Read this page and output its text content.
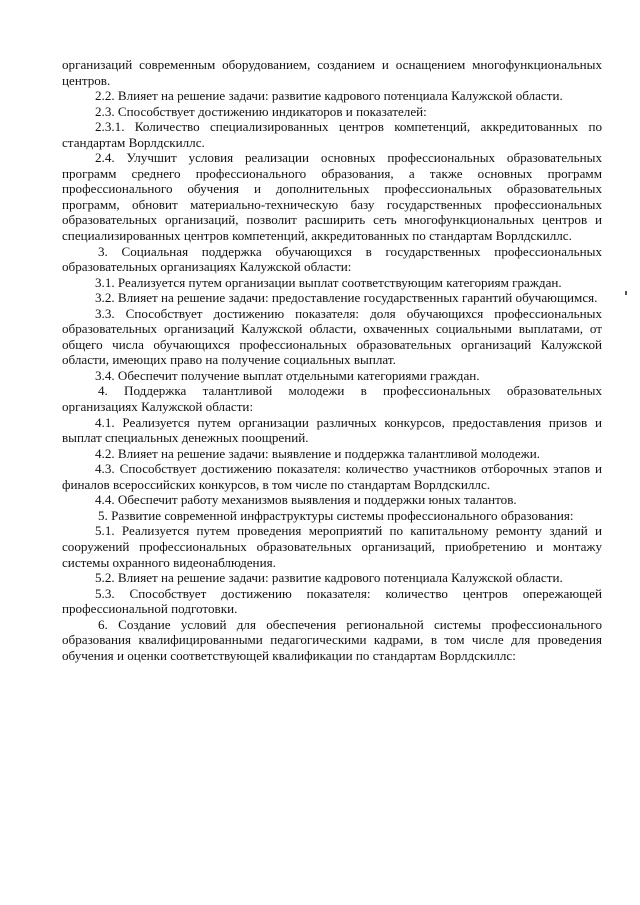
организаций современным оборудованием, созданием и оснащением многофункциональных центров.

2.2. Влияет на решение задачи: развитие кадрового потенциала Калужской области.

2.3. Способствует достижению индикаторов и показателей:

2.3.1. Количество специализированных центров компетенций, аккредитованных по стандартам Ворлдскиллс.

2.4. Улучшит условия реализации основных профессиональных образовательных программ среднего профессионального образования, а также основных программ профессионального обучения и дополнительных профессиональных образовательных программ, обновит материально-техническую базу государственных профессиональных образовательных организаций, позволит расширить сеть многофункциональных центров и специализированных центров компетенций, аккредитованных по стандартам Ворлдскиллс.

3. Социальная поддержка обучающихся в государственных профессиональных образовательных организациях Калужской области:

3.1. Реализуется путем организации выплат соответствующим категориям граждан.

3.2. Влияет на решение задачи: предоставление государственных гарантий обучающимся.

3.3. Способствует достижению показателя: доля обучающихся профессиональных образовательных организаций Калужской области, охваченных социальными выплатами, от общего числа обучающихся профессиональных образовательных организаций Калужской области, имеющих право на получение социальных выплат.

3.4. Обеспечит получение выплат отдельными категориями граждан.

4. Поддержка талантливой молодежи в профессиональных образовательных организациях Калужской области:

4.1. Реализуется путем организации различных конкурсов, предоставления призов и выплат специальных денежных поощрений.

4.2. Влияет на решение задачи: выявление и поддержка талантливой молодежи.

4.3. Способствует достижению показателя: количество участников отборочных этапов и финалов всероссийских конкурсов, в том числе по стандартам Ворлдскиллс.

4.4. Обеспечит работу механизмов выявления и поддержки юных талантов.

5. Развитие современной инфраструктуры системы профессионального образования:

5.1. Реализуется путем проведения мероприятий по капитальному ремонту зданий и сооружений профессиональных образовательных организаций, приобретению и монтажу системы охранного видеонаблюдения.

5.2. Влияет на решение задачи: развитие кадрового потенциала Калужской области.

5.3. Способствует достижению показателя: количество центров опережающей профессиональной подготовки.

6. Создание условий для обеспечения региональной системы профессионального образования квалифицированными педагогическими кадрами, в том числе для проведения обучения и оценки соответствующей квалификации по стандартам Ворлдскиллс:
